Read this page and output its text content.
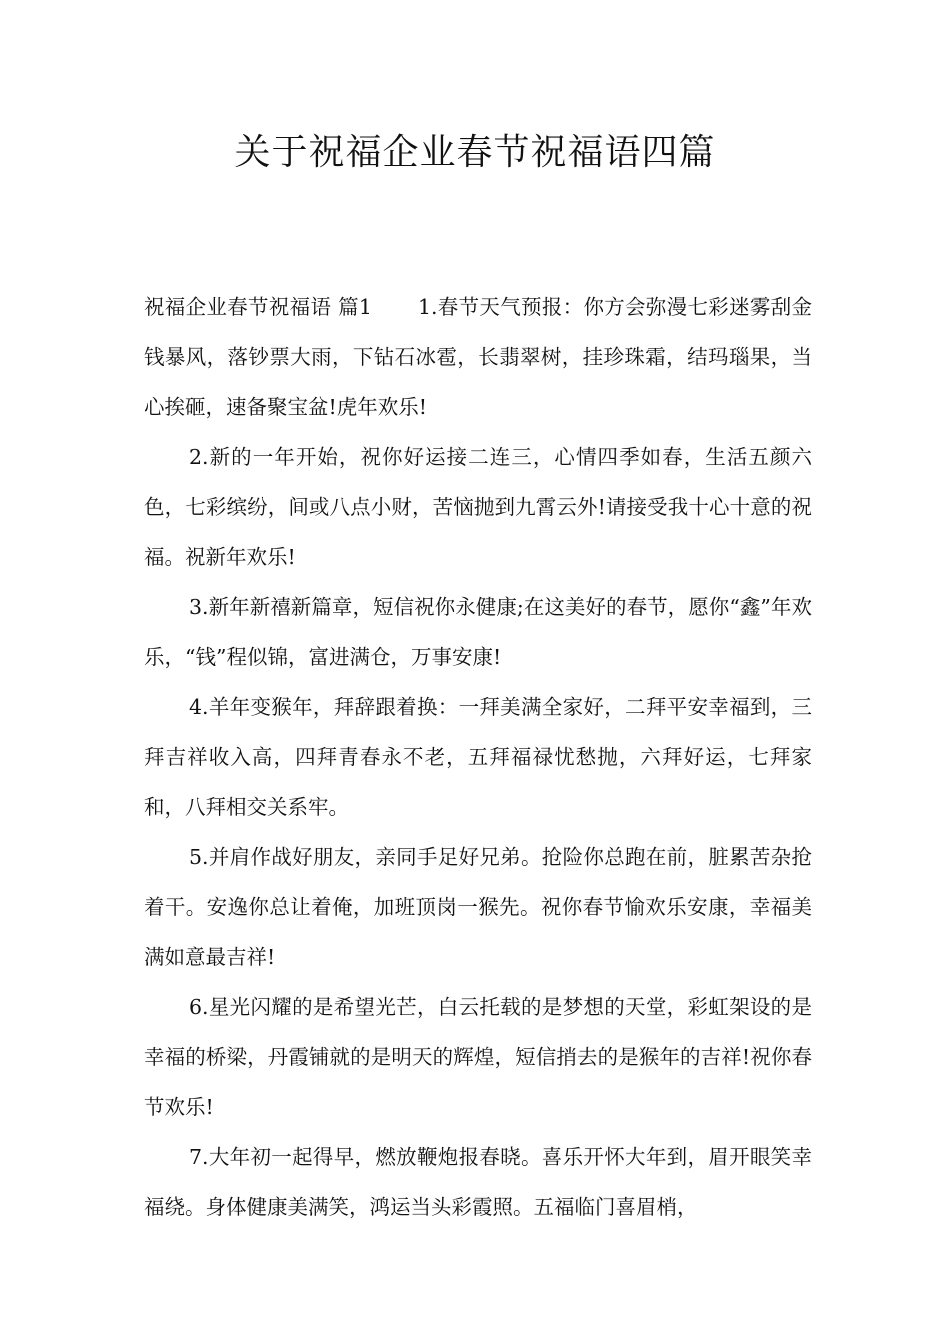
关于祝福企业春节祝福语四篇

祝福企业春节祝福语 篇1 1.春节天气预报：你方会弥漫七彩迷雾刮金钱暴风，落钞票大雨，下钻石冰雹，长翡翠树，挂珍珠霜，结玛瑙果，当心挨砸，速备聚宝盆!虎年欢乐!

2.新的一年开始，祝你好运接二连三，心情四季如春，生活五颜六色，七彩缤纷，间或八点小财，苦恼抛到九霄云外!请接受我十心十意的祝福。祝新年欢乐!

3.新年新禧新篇章，短信祝你永健康;在这美好的春节，愿你“鑫”年欢乐，“钱”程似锦，富进满仓，万事安康!

4.羊年变猴年，拜辞跟着换：一拜美满全家好，二拜平安幸福到，三拜吉祥收入高，四拜青春永不老，五拜福禄忧愁抛，六拜好运，七拜家和，八拜相交关系牢。

5.并肩作战好朋友，亲同手足好兄弟。抢险你总跑在前，脏累苦杂抢着干。安逸你总让着俺，加班顶岗一猴先。祝你春节愉欢乐安康，幸福美满如意最吉祥!

6.星光闪耀的是希望光芒，白云托载的是梦想的天堂，彩虹架设的是幸福的桥梁，丹霞铺就的是明天的辉煌，短信捎去的是猴年的吉祥!祝你春节欢乐!

7.大年初一起得早，燃放鞭炮报春晓。喜乐开怀大年到，眉开眼笑幸福绕。身体健康美满笑，鸿运当头彩霞照。五福临门喜眉梢，
